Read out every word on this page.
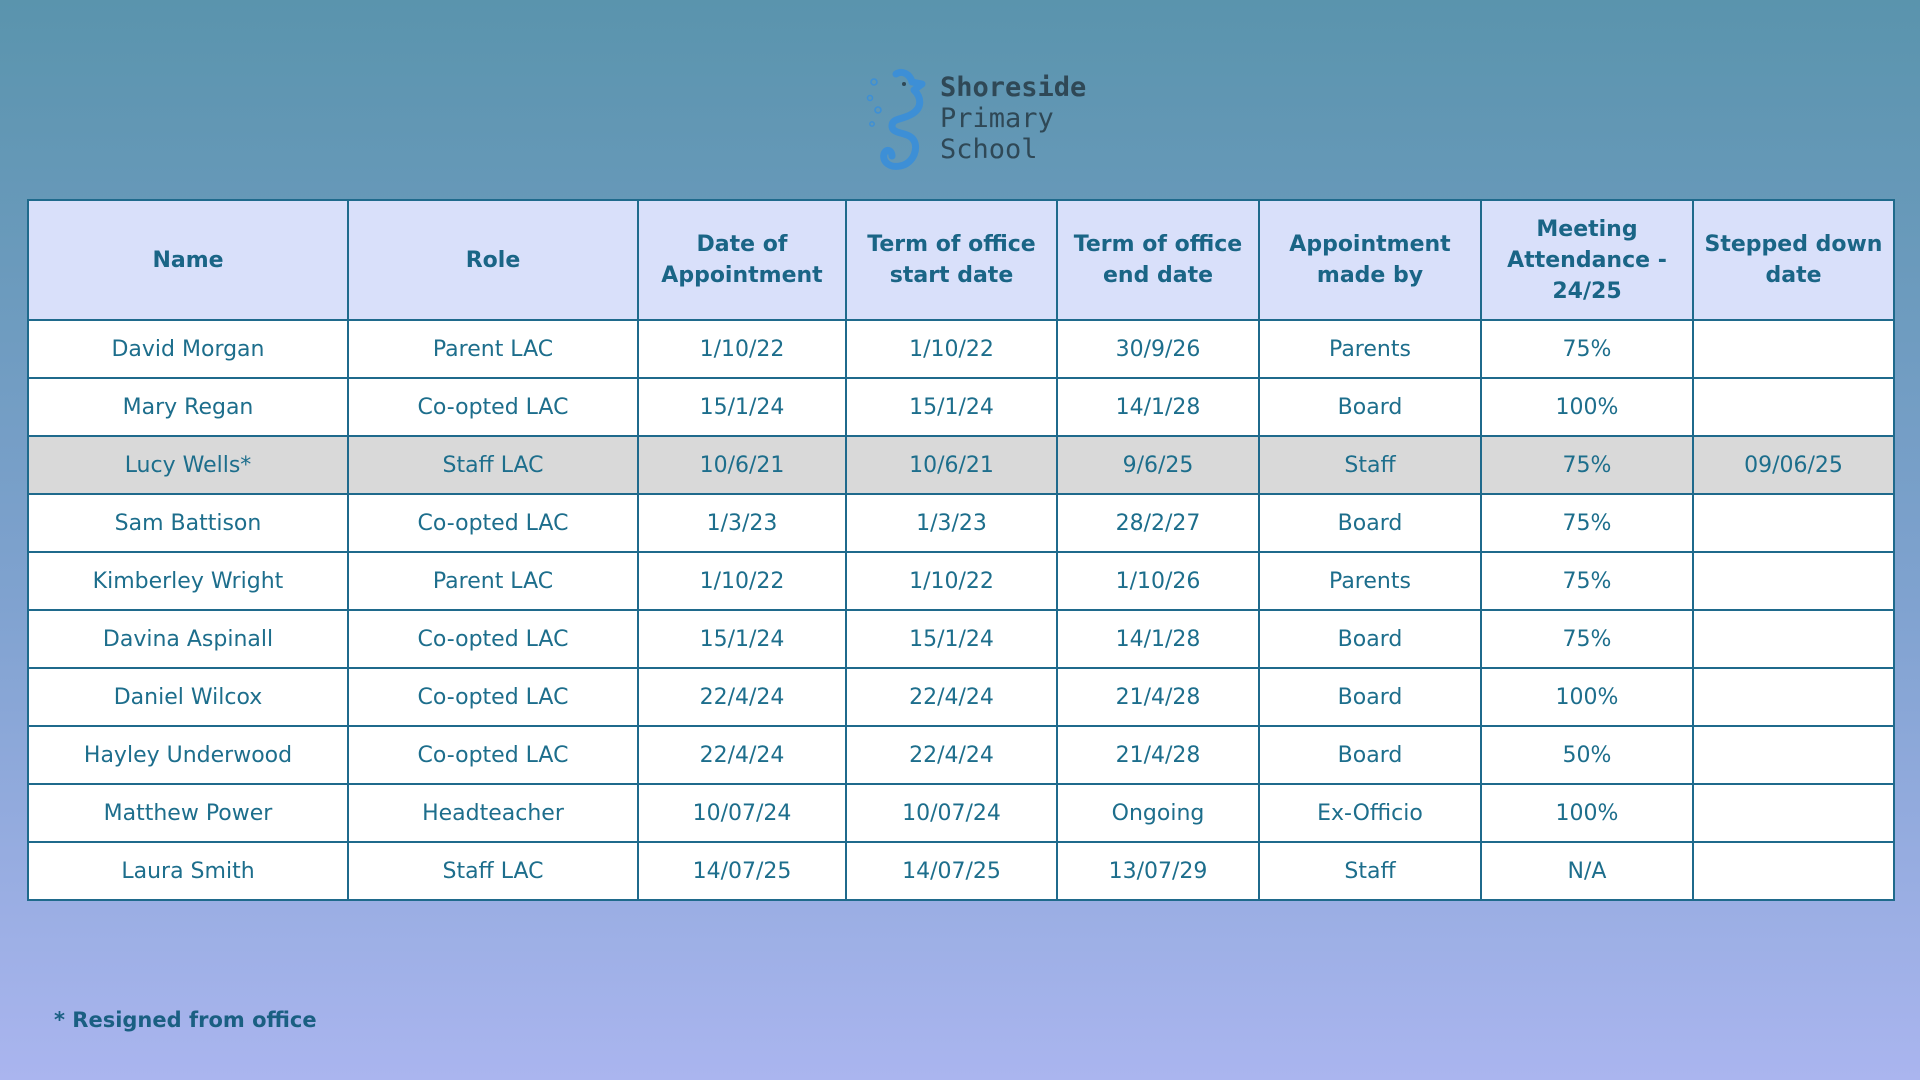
Shoreside
Primary
School
Name	Role	Date of Appointment	Term of office start date	Term of office end date	Appointment made by	Meeting Attendance - 24/25	Stepped down date
David Morgan	Parent LAC	1/10/22	1/10/22	30/9/26	Parents	75%	
Mary Regan	Co-opted LAC	15/1/24	15/1/24	14/1/28	Board	100%	
Lucy Wells*	Staff LAC	10/6/21	10/6/21	9/6/25	Staff	75%	09/06/25
Sam Battison	Co-opted LAC	1/3/23	1/3/23	28/2/27	Board	75%	
Kimberley Wright	Parent LAC	1/10/22	1/10/22	1/10/26	Parents	75%	
Davina Aspinall	Co-opted LAC	15/1/24	15/1/24	14/1/28	Board	75%	
Daniel Wilcox	Co-opted LAC	22/4/24	22/4/24	21/4/28	Board	100%	
Hayley Underwood	Co-opted LAC	22/4/24	22/4/24	21/4/28	Board	50%	
Matthew Power	Headteacher	10/07/24	10/07/24	Ongoing	Ex-Officio	100%	
Laura Smith	Staff LAC	14/07/25	14/07/25	13/07/29	Staff	N/A	
* Resigned from office
